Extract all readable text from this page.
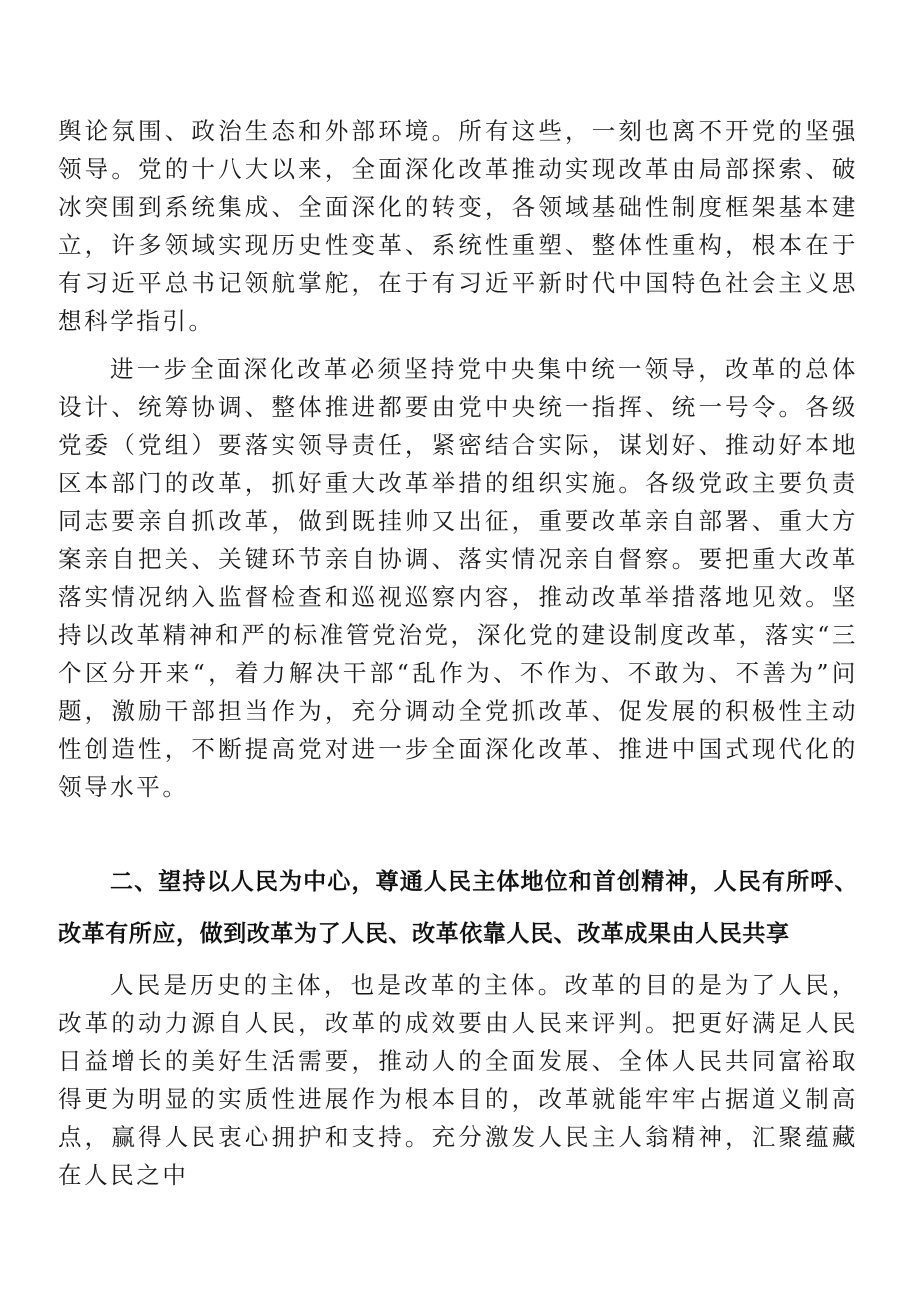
舆论氛围、政治生态和外部环境。所有这些，一刻也离不开党的坚强领导。党的十八大以来，全面深化改革推动实现改革由局部探索、破冰突围到系统集成、全面深化的转变，各领域基础性制度框架基本建立，许多领域实现历史性变革、系统性重塑、整体性重构，根本在于有习近平总书记领航掌舵，在于有习近平新时代中国特色社会主义思想科学指引。

进一步全面深化改革必须坚持党中央集中统一领导，改革的总体设计、统筹协调、整体推进都要由党中央统一指挥、统一号令。各级党委（党组）要落实领导责任，紧密结合实际，谋划好、推动好本地区本部门的改革，抓好重大改革举措的组织实施。各级党政主要负责同志要亲自抓改革，做到既挂帅又出征，重要改革亲自部署、重大方案亲自把关、关键环节亲自协调、落实情况亲自督察。要把重大改革落实情况纳入监督检查和巡视巡察内容，推动改革举措落地见效。坚持以改革精神和严的标准管党治党，深化党的建设制度改革，落实“三个区分开来“，着力解决干部“乱作为、不作为、不敢为、不善为”问题，激励干部担当作为，充分调动全党抓改革、促发展的积极性主动性创造性，不断提高党对进一步全面深化改革、推进中国式现代化的领导水平。

二、望持以人民为中心，尊通人民主体地位和首创精神，人民有所呼、改革有所应，做到改革为了人民、改革依靠人民、改革成果由人民共享

人民是历史的主体，也是改革的主体。改革的目的是为了人民，改革的动力源自人民，改革的成效要由人民来评判。把更好满足人民日益增长的美好生活需要，推动人的全面发展、全体人民共同富裕取得更为明显的实质性进展作为根本目的，改革就能牢牢占据道义制高点，赢得人民衷心拥护和支持。充分激发人民主人翁精神，汇聚蕴藏在人民之中
